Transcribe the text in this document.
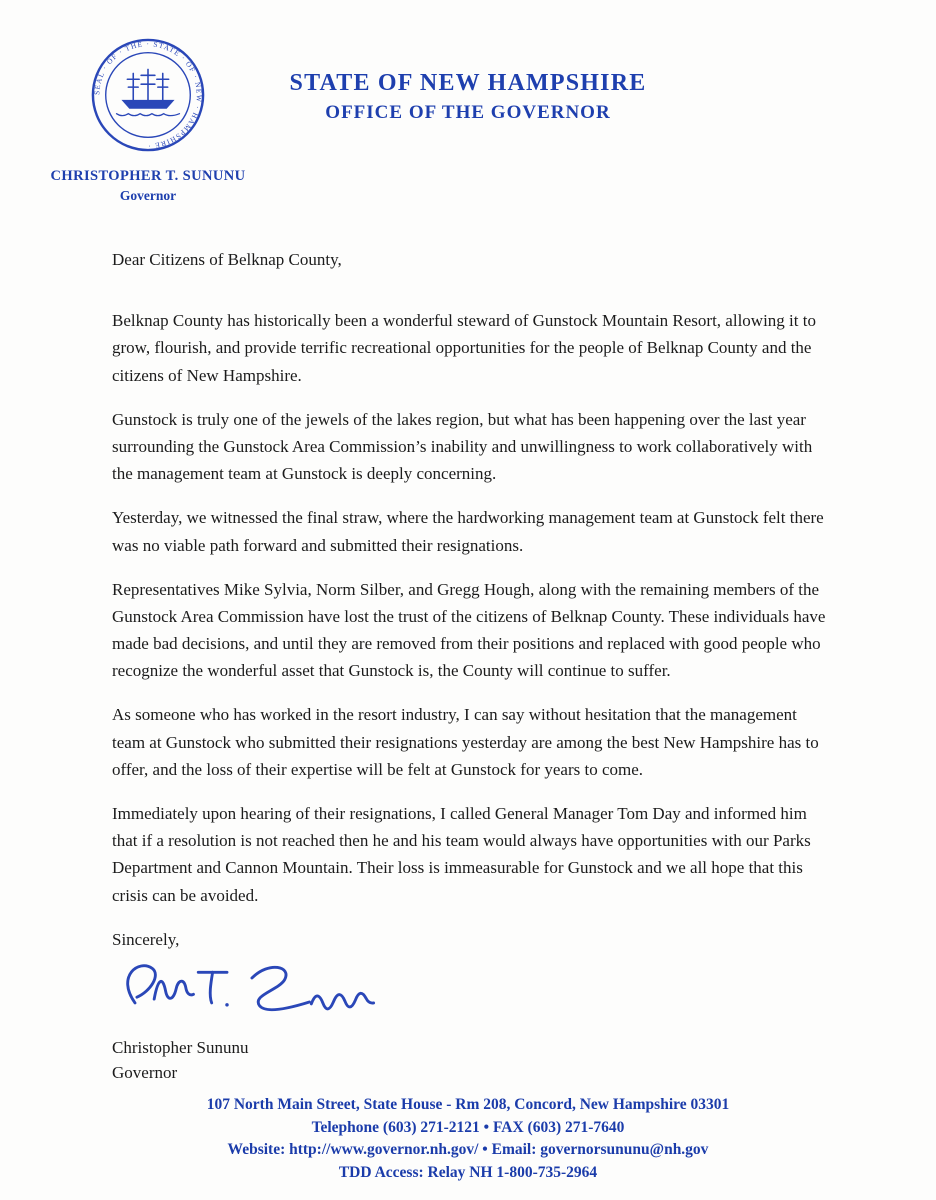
SEAL · OF · THE · STATE · OF · NEW · HAMPSHIRE ·
CHRISTOPHER T. SUNUNU
Governor
STATE OF NEW HAMPSHIRE
OFFICE OF THE GOVERNOR

Dear Citizens of Belknap County,

Belknap County has historically been a wonderful steward of Gunstock Mountain Resort, allowing it to grow, flourish, and provide terrific recreational opportunities for the people of Belknap County and the citizens of New Hampshire.

Gunstock is truly one of the jewels of the lakes region, but what has been happening over the last year surrounding the Gunstock Area Commission’s inability and unwillingness to work collaboratively with the management team at Gunstock is deeply concerning.

Yesterday, we witnessed the final straw, where the hardworking management team at Gunstock felt there was no viable path forward and submitted their resignations.

Representatives Mike Sylvia, Norm Silber, and Gregg Hough, along with the remaining members of the Gunstock Area Commission have lost the trust of the citizens of Belknap County. These individuals have made bad decisions, and until they are removed from their positions and replaced with good people who recognize the wonderful asset that Gunstock is, the County will continue to suffer.

As someone who has worked in the resort industry, I can say without hesitation that the management team at Gunstock who submitted their resignations yesterday are among the best New Hampshire has to offer, and the loss of their expertise will be felt at Gunstock for years to come.

Immediately upon hearing of their resignations, I called General Manager Tom Day and informed him that if a resolution is not reached then he and his team would always have opportunities with our Parks Department and Cannon Mountain. Their loss is immeasurable for Gunstock and we all hope that this crisis can be avoided.

Sincerely,

Christopher Sununu

Governor

107 North Main Street, State House - Rm 208, Concord, New Hampshire 03301
Telephone (603) 271-2121 • FAX (603) 271-7640
Website: http://www.governor.nh.gov/ • Email: governorsununu@nh.gov
TDD Access: Relay NH 1-800-735-2964
